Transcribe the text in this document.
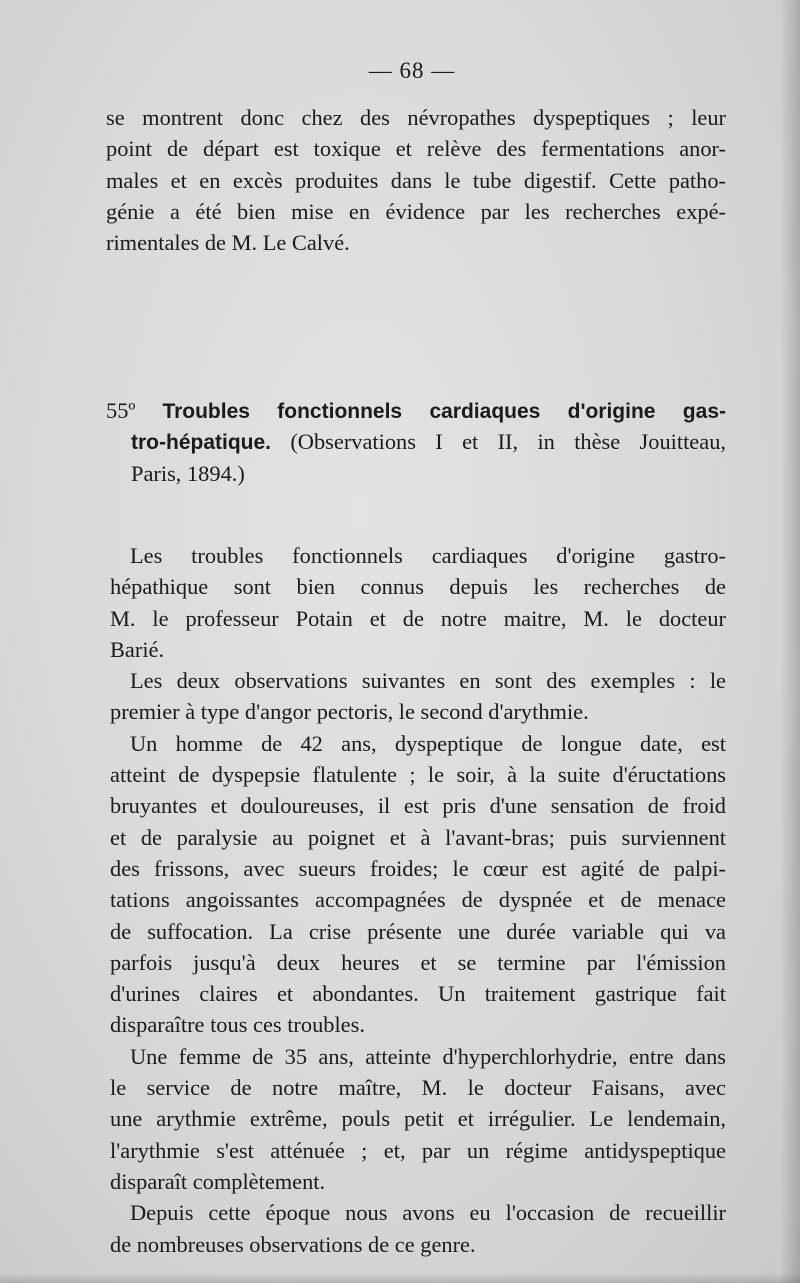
— 68 —
se montrent donc chez des névropathes dyspeptiques ; leur
point de départ est toxique et relève des fermentations anor-
males et en excès produites dans le tube digestif. Cette patho-
génie a été bien mise en évidence par les recherches expé-
rimentales de M. Le Calvé.
55º Troubles fonctionnels cardiaques d'origine gas-
tro-hépatique. (Observations I et II, in thèse Jouitteau,
Paris, 1894.)
Les troubles fonctionnels cardiaques d'origine gastro-
hépathique sont bien connus depuis les recherches de
M. le professeur Potain et de notre maitre, M. le docteur
Barié.
Les deux observations suivantes en sont des exemples : le
premier à type d'angor pectoris, le second d'arythmie.
Un homme de 42 ans, dyspeptique de longue date, est
atteint de dyspepsie flatulente ; le soir, à la suite d'éructations
bruyantes et douloureuses, il est pris d'une sensation de froid
et de paralysie au poignet et à l'avant-bras; puis surviennent
des frissons, avec sueurs froides; le cœur est agité de palpi-
tations angoissantes accompagnées de dyspnée et de menace
de suffocation. La crise présente une durée variable qui va
parfois jusqu'à deux heures et se termine par l'émission
d'urines claires et abondantes. Un traitement gastrique fait
disparaître tous ces troubles.
Une femme de 35 ans, atteinte d'hyperchlorhydrie, entre dans
le service de notre maître, M. le docteur Faisans, avec
une arythmie extrême, pouls petit et irrégulier. Le lendemain,
l'arythmie s'est atténuée ; et, par un régime antidyspeptique
disparaît complètement.
Depuis cette époque nous avons eu l'occasion de recueillir
de nombreuses observations de ce genre.
